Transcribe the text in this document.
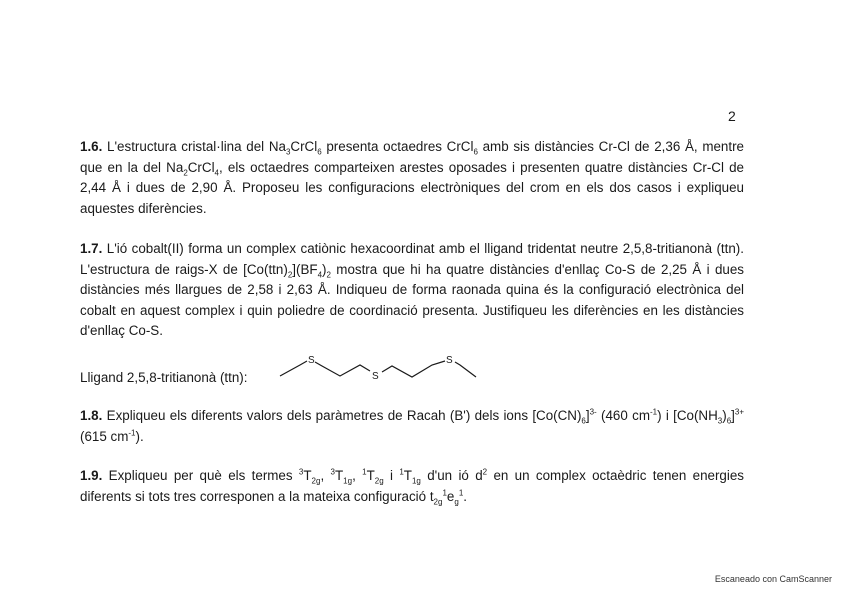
2

1.6. L'estructura cristal·lina del $Na_3CrCl_6$ presenta octaedres CrCl$_6$ amb sis distàncies Cr-Cl de 2,36 Å, mentre que en la del $Na_2CrCl_4$, els octaedres comparteixen arestes oposades i presenten quatre distàncies Cr-Cl de 2,44 Å i dues de 2,90 Å. Proposeu les configuracions electròniques del crom en els dos casos i expliqueu aquestes diferències.

1.7. L'ió cobalt(II) forma un complex catiònic hexacoordinat amb el lligand tridentat neutre 2,5,8-tritianonà (ttn). L'estructura de raigs-X de $[Co(ttn)_2](BF_4)_2$ mostra que hi ha quatre distàncies d'enllaç Co-S de 2,25 Å i dues distàncies més llargues de 2,58 i 2,63 Å. Indiqueu de forma raonada quina és la configuració electrònica del cobalt en aquest complex i quin poliedre de coordinació presenta. Justifiqueu les diferències en les distàncies d'enllaç Co-S.

Lligand 2,5,8-tritianonà (ttn):
S
S
S

1.8. Expliqueu els diferents valors dels paràmetres de Racah (B') dels ions $[Co(CN)_6]^{3-}$ (460 $cm^{-1}$) i $[Co(NH_3)_6]^{3+}$ (615 $cm^{-1}$).

1.9. Expliqueu per què els termes $^3T_{2g}$, $^3T_{1g}$, $^1T_{2g}$ i $^1T_{1g}$ d'un ió $d^2$ en un complex octaèdric tenen energies diferents si tots tres corresponen a la mateixa configuració $t_{2g}^1e_g^1$.

Escaneado con CamScanner
